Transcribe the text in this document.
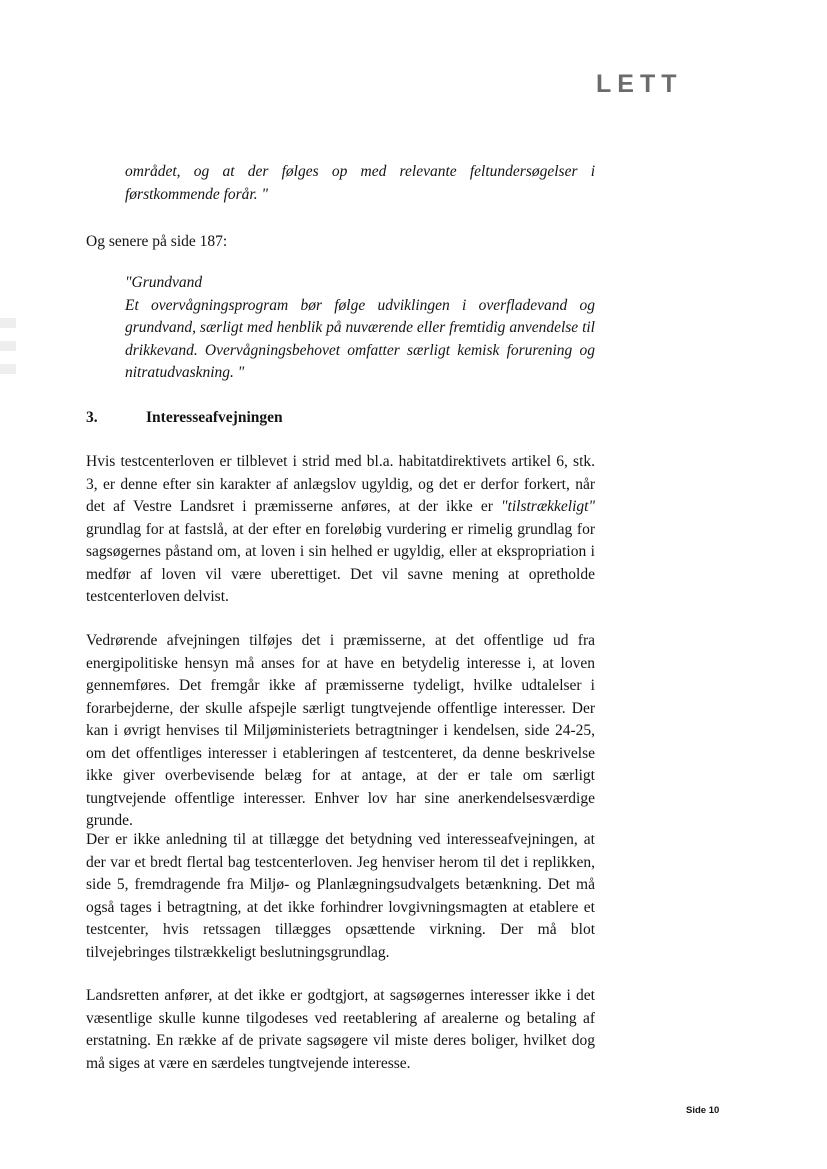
LETT

området, og at der følges op med relevante feltundersøgelser i førstkommende forår. "

Og senere på side 187:

"Grundvand
Et overvågningsprogram bør følge udviklingen i overfladevand og grundvand, særligt med henblik på nuværende eller fremtidig anvendelse til drikkevand. Overvågningsbehovet omfatter særligt kemisk forurening og nitratudvaskning. "

3.	Interesseafvejningen

Hvis testcenterloven er tilblevet i strid med bl.a. habitatdirektivets artikel 6, stk. 3, er denne efter sin karakter af anlægslov ugyldig, og det er derfor forkert, når det af Vestre Landsret i præmisserne anføres, at der ikke er "tilstrækkeligt" grundlag for at fastslå, at der efter en foreløbig vurdering er rimelig grundlag for sagsøgernes påstand om, at loven i sin helhed er ugyldig, eller at ekspropriation i medfør af loven vil være uberettiget. Det vil savne mening at opretholde testcenterloven delvist.

Vedrørende afvejningen tilføjes det i præmisserne, at det offentlige ud fra energipolitiske hensyn må anses for at have en betydelig interesse i, at loven gennemføres. Det fremgår ikke af præmisserne tydeligt, hvilke udtalelser i forarbejderne, der skulle afspejle særligt tungtvejende offentlige interesser. Der kan i øvrigt henvises til Miljøministeriets betragtninger i kendelsen, side 24-25, om det offentliges interesser i etableringen af testcenteret, da denne beskrivelse ikke giver overbevisende belæg for at antage, at der er tale om særligt tungtvejende offentlige interesser. Enhver lov har sine anerkendelsesværdige grunde.

Der er ikke anledning til at tillægge det betydning ved interesseafvejningen, at der var et bredt flertal bag testcenterloven. Jeg henviser herom til det i replikken, side 5, fremdragende fra Miljø- og Planlægningsudvalgets betænkning. Det må også tages i betragtning, at det ikke forhindrer lovgivningsmagten at etablere et testcenter, hvis retssagen tillægges opsættende virkning. Der må blot tilvejebringes tilstrækkeligt beslutningsgrundlag.

Landsretten anfører, at det ikke er godtgjort, at sagsøgernes interesser ikke i det væsentlige skulle kunne tilgodeses ved reetablering af arealerne og betaling af erstatning. En række af de private sagsøgere vil miste deres boliger, hvilket dog må siges at være en særdeles tungtvejende interesse.

Side 10
